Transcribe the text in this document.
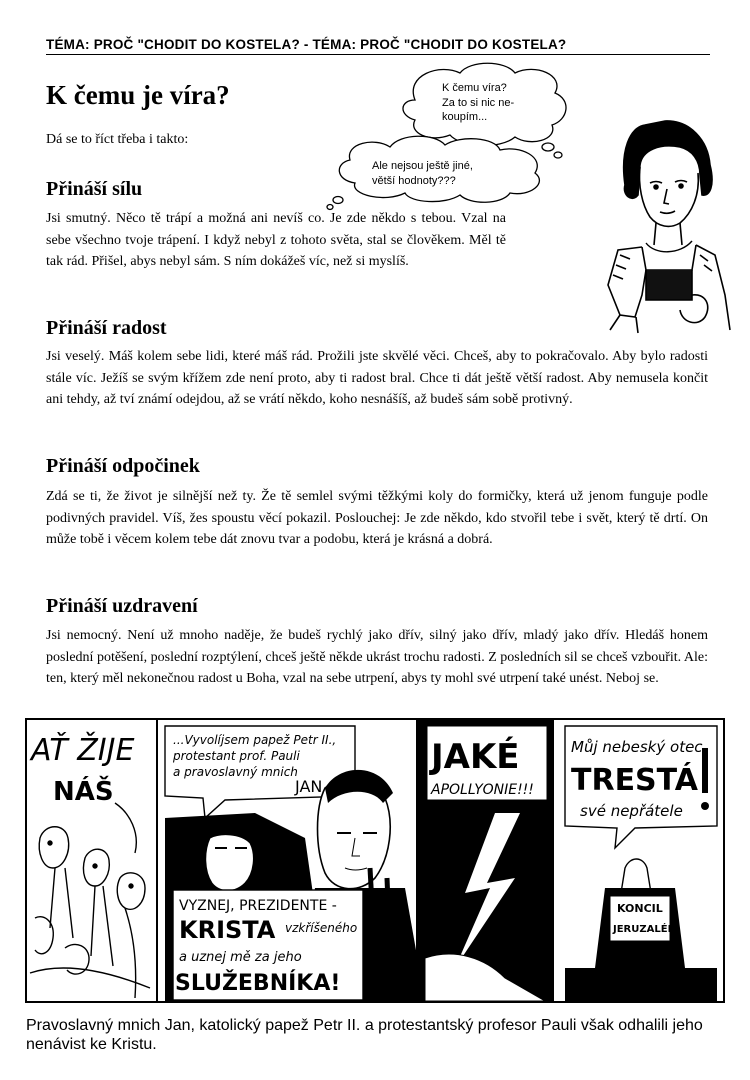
TÉMA: PROČ "CHODIT DO KOSTELA? - TÉMA: PROČ "CHODIT DO KOSTELA?
K čemu je víra?
Dá se to říct třeba i takto:
K čemu víra?
Za to si nic ne-
koupím...
Ale nejsou ještě jiné,
větší hodnoty???
Přináší sílu

Jsi smutný. Něco tě trápí a možná ani nevíš co. Je zde někdo s tebou. Vzal na sebe všechno tvoje trápení. I když nebyl z tohoto světa, stal se člověkem. Měl tě tak rád. Přišel, abys nebyl sám. S ním dokážeš víc, než si myslíš.

Přináší radost

Jsi veselý. Máš kolem sebe lidi, které máš rád. Prožili jste skvělé věci. Chceš, aby to pokračovalo. Aby bylo radosti stále víc. Ježíš se svým křížem zde není proto, aby ti radost bral. Chce ti dát ještě větší radost. Aby nemusela končit ani tehdy, až tví známí odejdou, až se vrátí někdo, koho nesnášíš, až budeš sám sobě protivný.

Přináší odpočinek

Zdá se ti, že život je silnější než ty. Že tě semlel svými těžkými koly do formičky, která už jenom funguje podle podivných pravidel. Víš, žes spoustu věcí pokazil. Poslouchej: Je zde někdo, kdo stvořil tebe i svět, který tě drtí. On může tobě i věcem kolem tebe dát znovu tvar a podobu, která je krásná a dobrá.

Přináší uzdravení

Jsi nemocný. Není už mnoho naděje, že budeš rychlý jako dřív, silný jako dřív, mladý jako dřív. Hledáš honem poslední potěšení, poslední rozptýlení, chceš ještě někde ukrást trochu radosti. Z posledních sil se chceš vzbouřit. Ale: ten, který měl nekonečnou radost u Boha, vzal na sebe utrpení, abys ty mohl své utrpení také unést. Neboj se.

AŤ ŽIJE
NÁŠ
...Vyvolíjsem papež Petr II.,
protestant prof. Pauli
a pravoslavný mnich
JAN
VYZNEJ, PREZIDENTE -
KRISTA vzkříšeného
a uznej mě za jeho
SLUŽEBNÍKA!
JAKÉ
APOLLYONIE!!!
Můj nebeský otec
TRESTÁ
své nepřátele
KONCIL
JERUZALÉM

Pravoslavný mnich Jan, katolický papež Petr II. a protestantský profesor Pauli však odhalili jeho nenávist ke Kristu.
